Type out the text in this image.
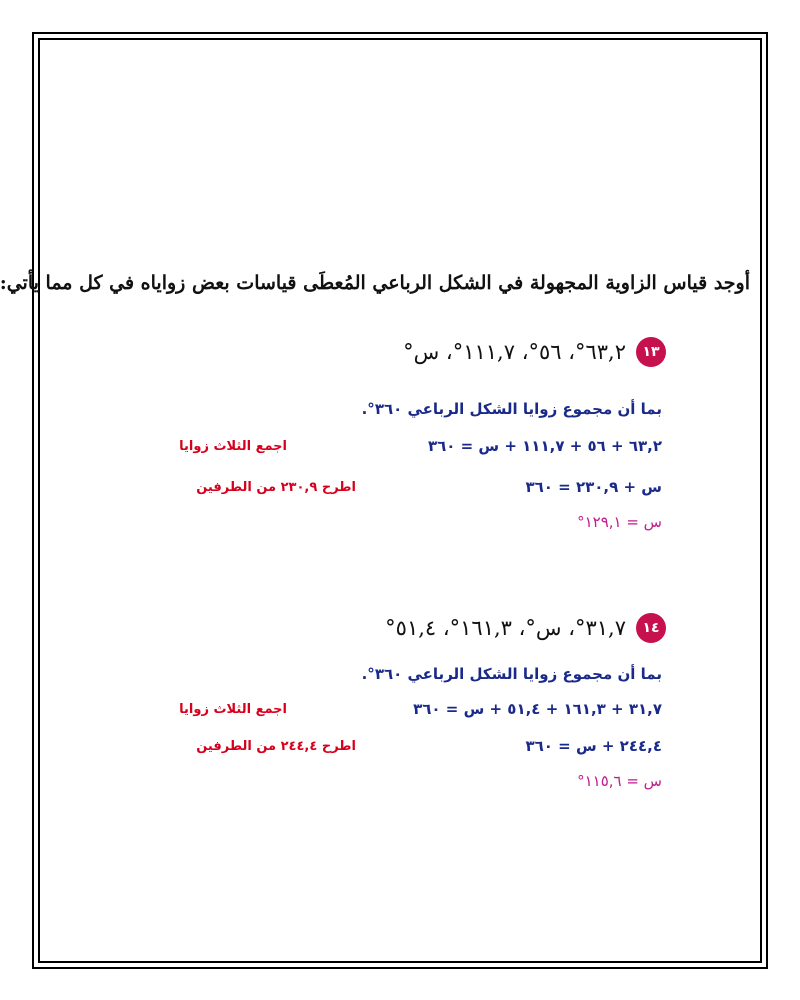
أوجد قياس الزاوية المجهولة في الشكل الرباعي المُعطَى قياسات بعض زواياه في كل مما يأتي:
١٣
٦٣,٢°، ٥٦°، ١١١,٧°، س°
بما أن مجموع زوايا الشكل الرباعي ٣٦٠°.
٦٣,٢ + ٥٦ + ١١١,٧ + س = ٣٦٠
اجمع الثلاث زوايا
س + ٢٣٠,٩ = ٣٦٠
اطرح ٢٣٠,٩ من الطرفين
س = ١٢٩,١°
١٤
٣١,٧°، س°، ١٦١,٣°، ٥١,٤°
بما أن مجموع زوايا الشكل الرباعي ٣٦٠°.
٣١,٧ + ١٦١,٣ + ٥١,٤ + س = ٣٦٠
اجمع الثلاث زوايا
٢٤٤,٤ + س = ٣٦٠
اطرح ٢٤٤,٤ من الطرفين
س = ١١٥,٦°
